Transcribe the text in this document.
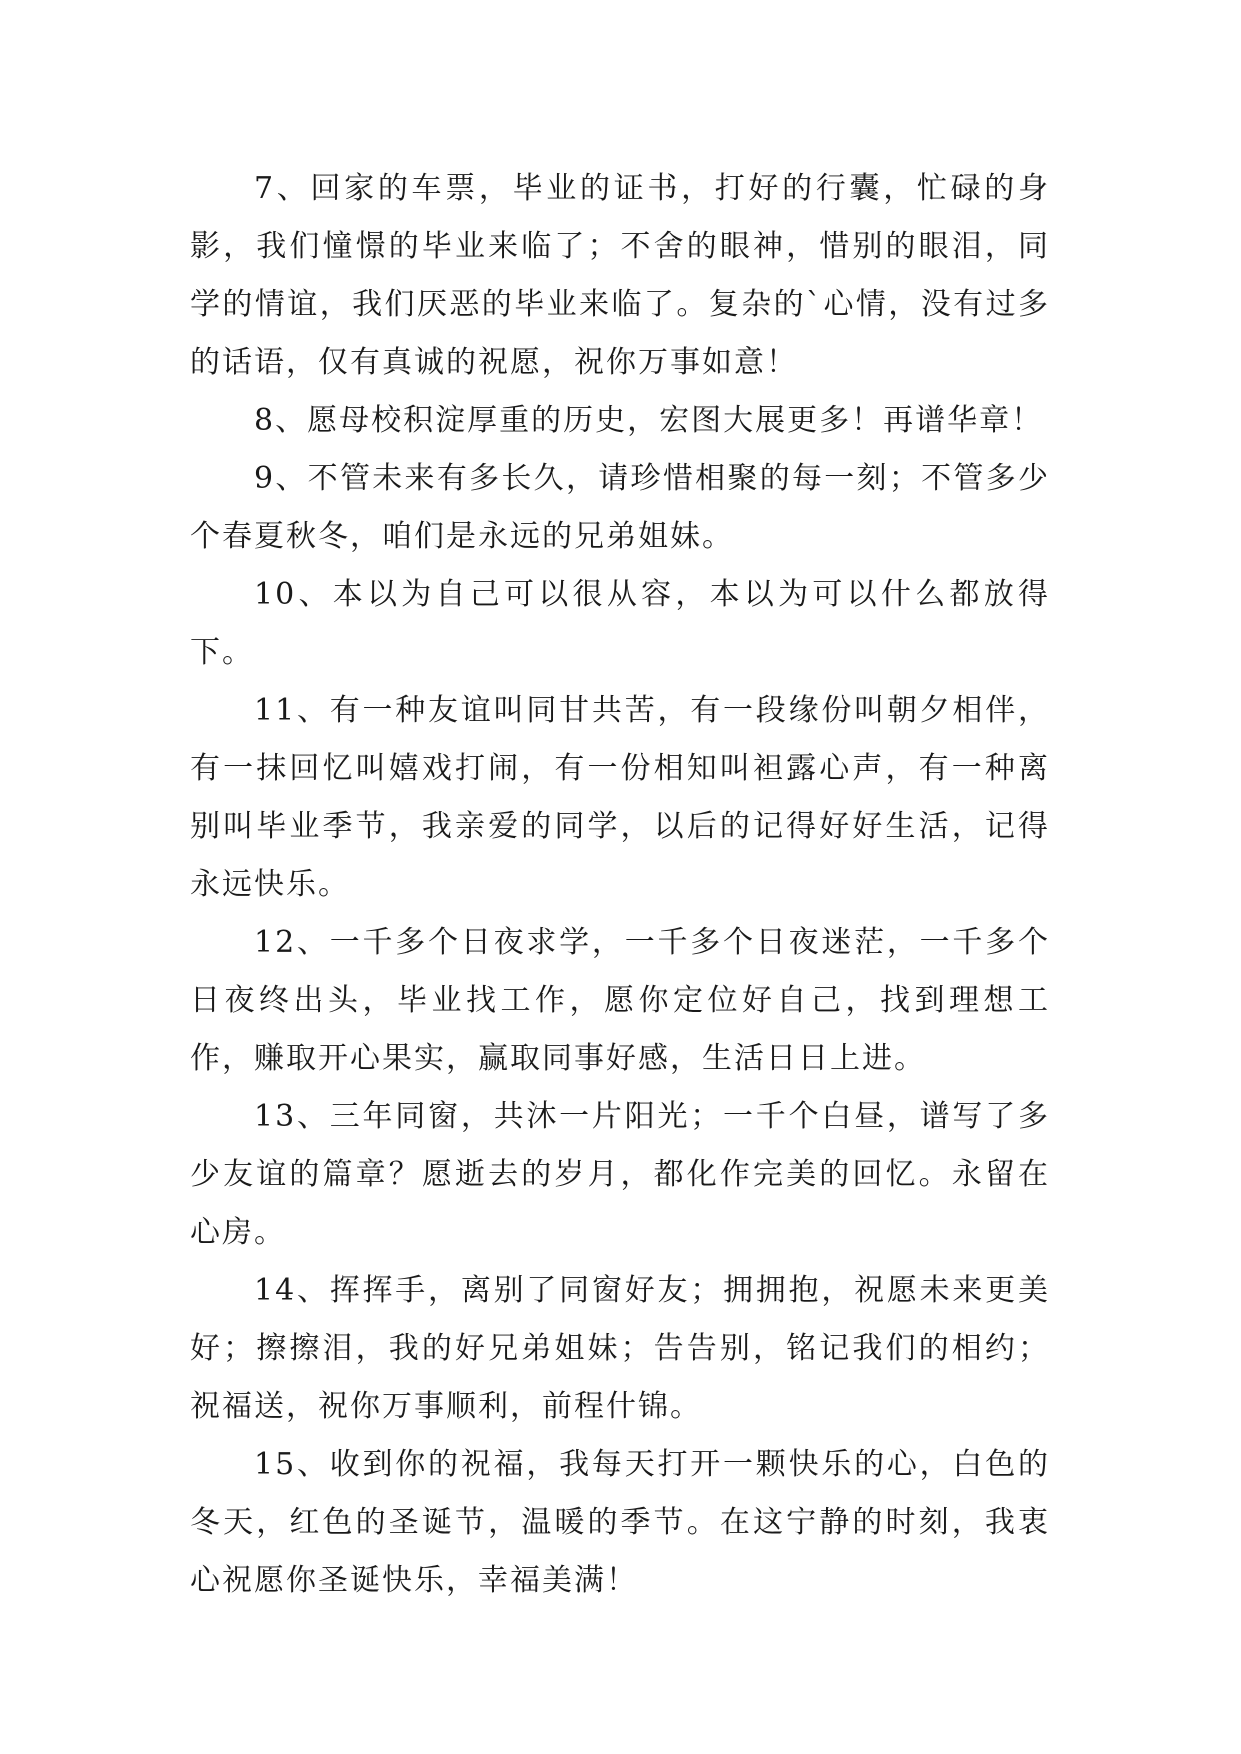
7、回家的车票，毕业的证书，打好的行囊，忙碌的身影，我们憧憬的毕业来临了；不舍的眼神，惜别的眼泪，同学的情谊，我们厌恶的毕业来临了。复杂的`心情，没有过多的话语，仅有真诚的祝愿，祝你万事如意！

8、愿母校积淀厚重的历史，宏图大展更多！再谱华章！

9、不管未来有多长久，请珍惜相聚的每一刻；不管多少个春夏秋冬，咱们是永远的兄弟姐妹。

10、本以为自己可以很从容，本以为可以什么都放得下。

11、有一种友谊叫同甘共苦，有一段缘份叫朝夕相伴，有一抹回忆叫嬉戏打闹，有一份相知叫袒露心声，有一种离别叫毕业季节，我亲爱的同学，以后的记得好好生活，记得永远快乐。

12、一千多个日夜求学，一千多个日夜迷茫，一千多个日夜终出头，毕业找工作，愿你定位好自己，找到理想工作，赚取开心果实，赢取同事好感，生活日日上进。

13、三年同窗，共沐一片阳光；一千个白昼，谱写了多少友谊的篇章？愿逝去的岁月，都化作完美的回忆。永留在心房。

14、挥挥手，离别了同窗好友；拥拥抱，祝愿未来更美好；擦擦泪，我的好兄弟姐妹；告告别，铭记我们的相约；祝福送，祝你万事顺利，前程什锦。

15、收到你的祝福，我每天打开一颗快乐的心，白色的冬天，红色的圣诞节，温暖的季节。在这宁静的时刻，我衷心祝愿你圣诞快乐，幸福美满！
